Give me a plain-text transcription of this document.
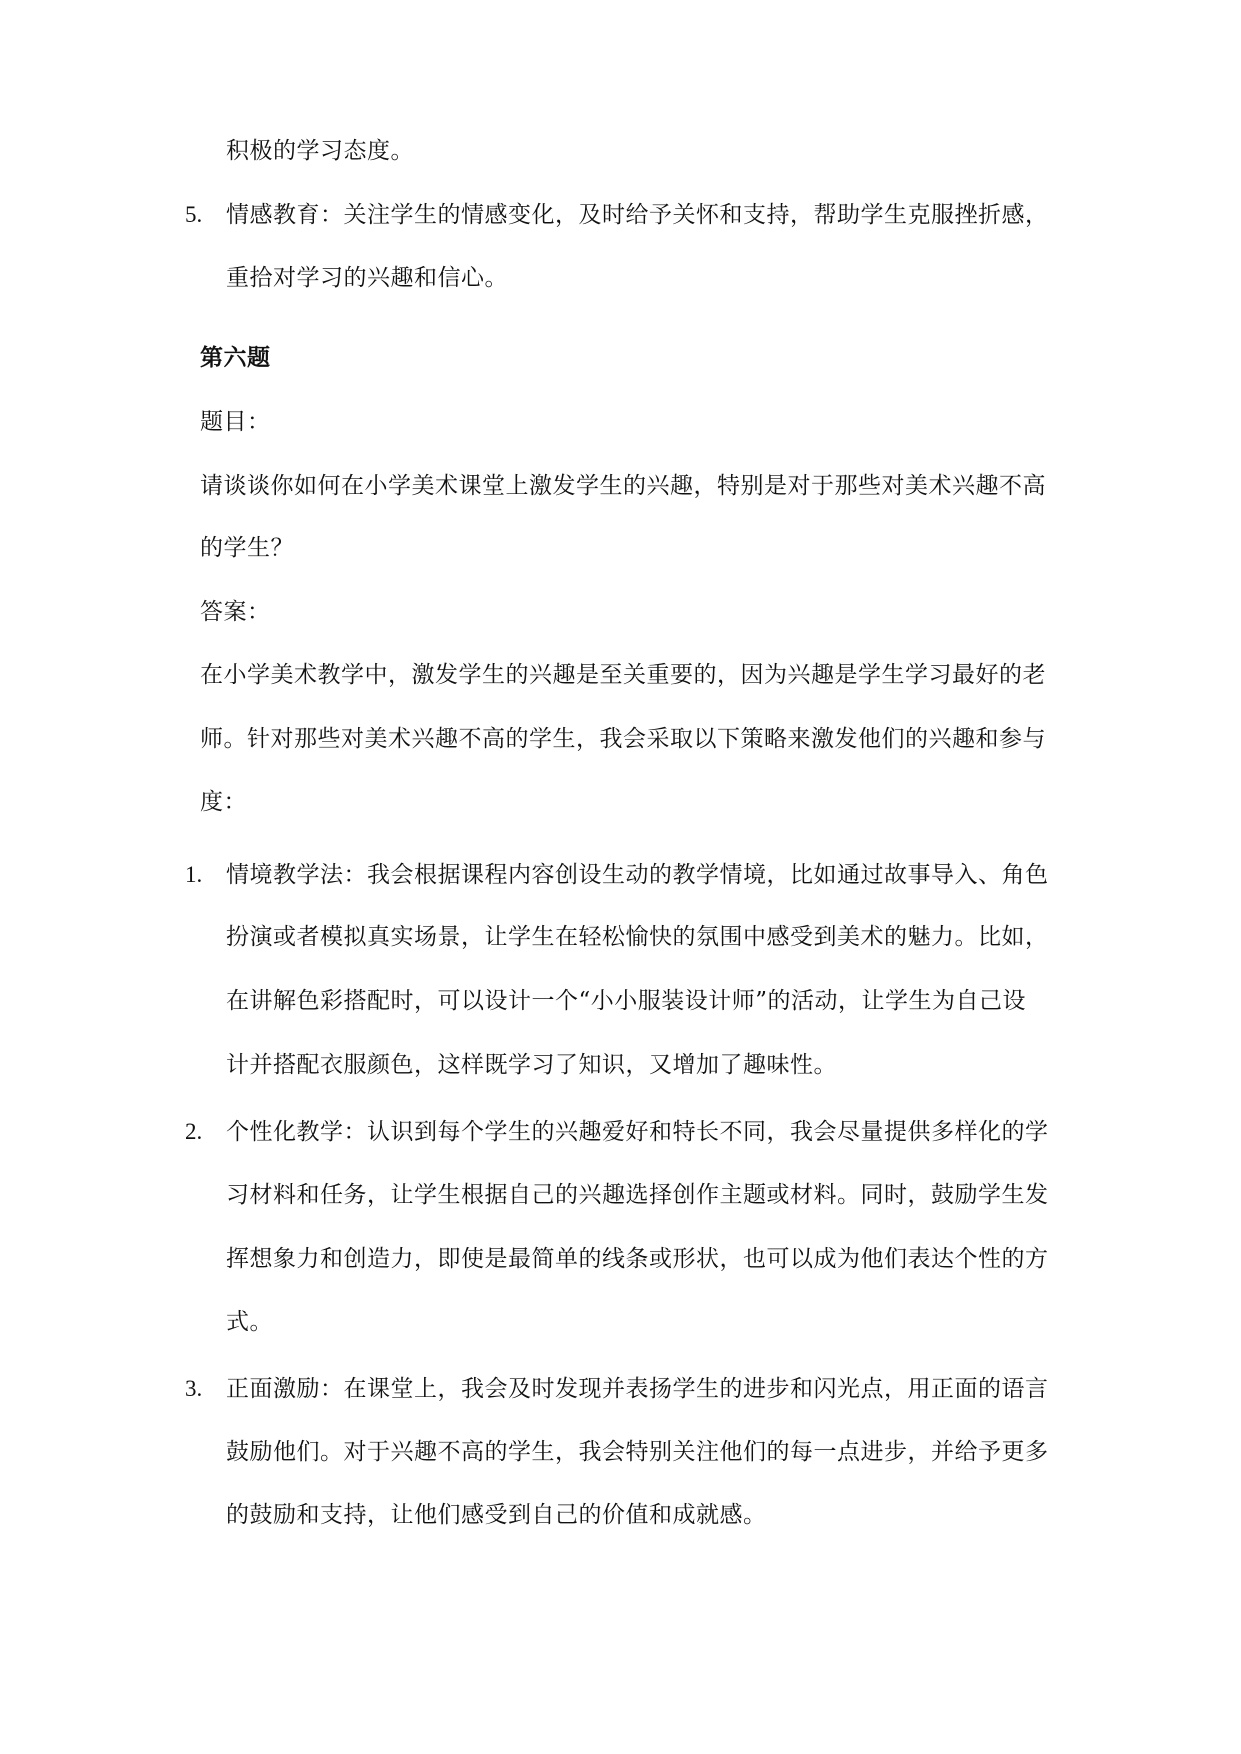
积极的学习态度。
5. 情感教育：关注学生的情感变化，及时给予关怀和支持，帮助学生克服挫折感，
重拾对学习的兴趣和信心。
第六题
题目：
请谈谈你如何在小学美术课堂上激发学生的兴趣，特别是对于那些对美术兴趣不高
的学生？
答案：
在小学美术教学中，激发学生的兴趣是至关重要的，因为兴趣是学生学习最好的老
师。针对那些对美术兴趣不高的学生，我会采取以下策略来激发他们的兴趣和参与
度：
1. 情境教学法：我会根据课程内容创设生动的教学情境，比如通过故事导入、角色
扮演或者模拟真实场景，让学生在轻松愉快的氛围中感受到美术的魅力。比如，
在讲解色彩搭配时，可以设计一个“小小服装设计师”的活动，让学生为自己设
计并搭配衣服颜色，这样既学习了知识，又增加了趣味性。
2. 个性化教学：认识到每个学生的兴趣爱好和特长不同，我会尽量提供多样化的学
习材料和任务，让学生根据自己的兴趣选择创作主题或材料。同时，鼓励学生发
挥想象力和创造力，即使是最简单的线条或形状，也可以成为他们表达个性的方
式。
3. 正面激励：在课堂上，我会及时发现并表扬学生的进步和闪光点，用正面的语言
鼓励他们。对于兴趣不高的学生，我会特别关注他们的每一点进步，并给予更多
的鼓励和支持，让他们感受到自己的价值和成就感。
